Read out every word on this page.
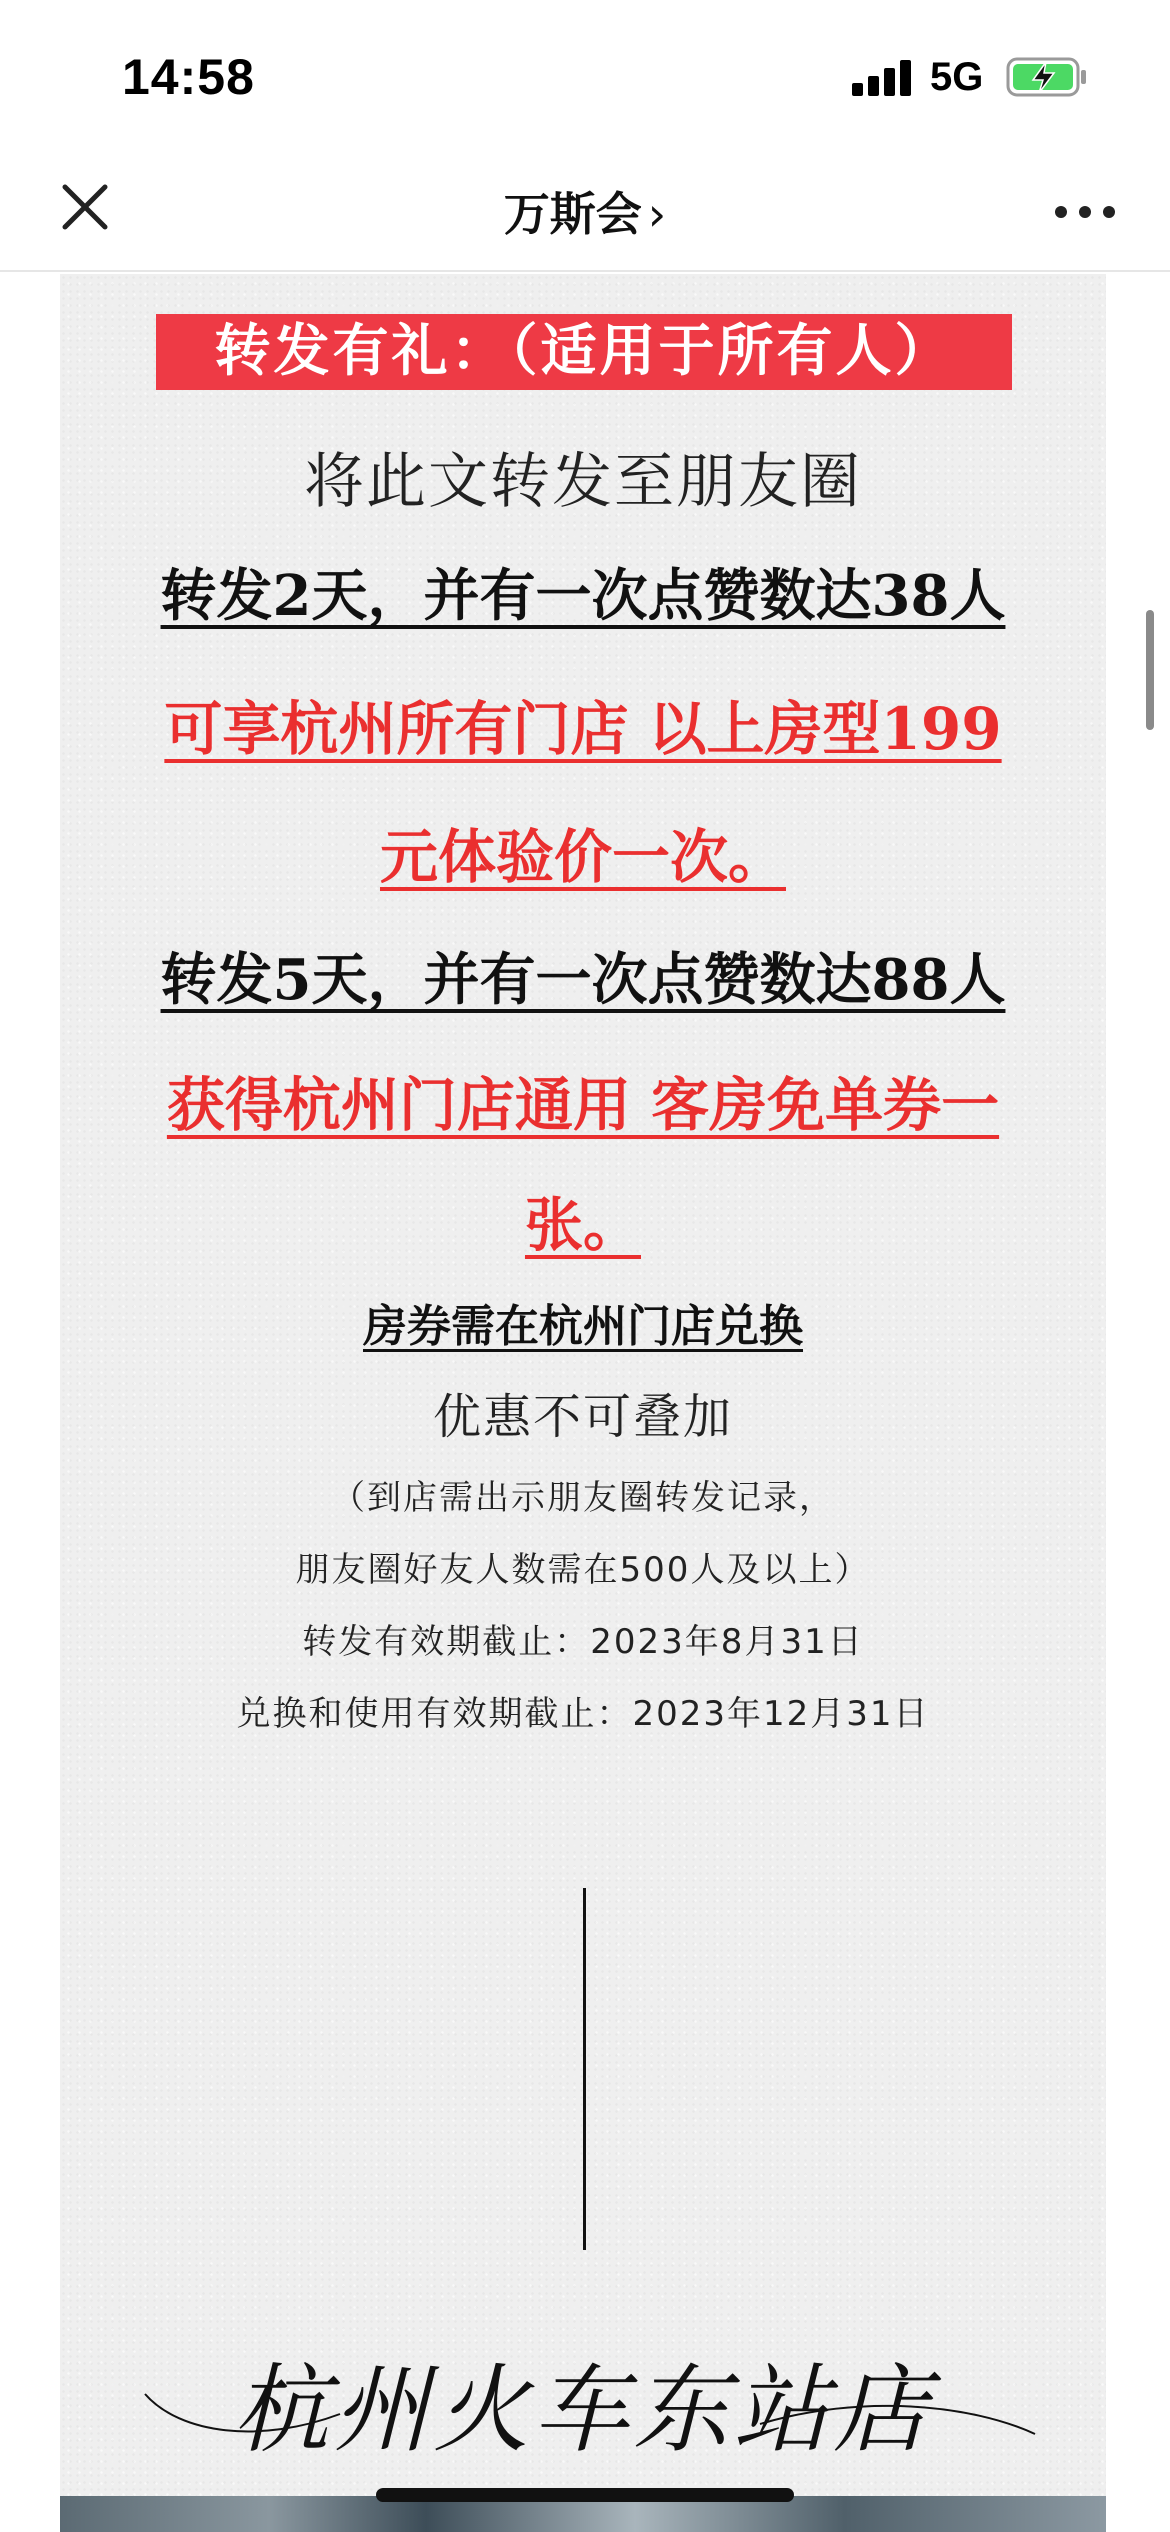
14:58	5G
万斯会 ›
转发有礼：（适用于所有人）
将此文转发至朋友圈
转发2天，并有一次点赞数达38人
可享杭州所有门店 以上房型199
元体验价一次。
转发5天，并有一次点赞数达88人
获得杭州门店通用 客房免单券一
张。
房券需在杭州门店兑换
优惠不可叠加
（到店需出示朋友圈转发记录，
朋友圈好友人数需在500人及以上）
转发有效期截止：2023年8月31日
兑换和使用有效期截止：2023年12月31日
杭州火车东站店
